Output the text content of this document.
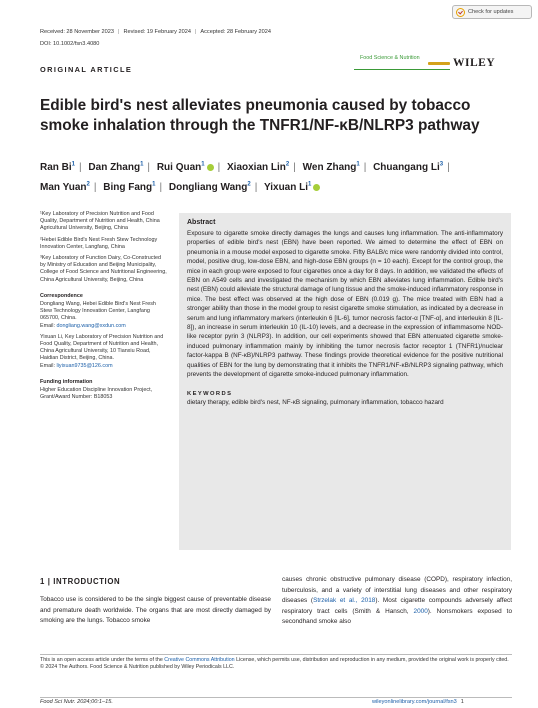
Check for updates
Received: 28 November 2023 | Revised: 19 February 2024 | Accepted: 28 February 2024
DOI: 10.1002/fsn3.4080
ORIGINAL ARTICLE
Food Science & Nutrition	WILEY
Edible bird's nest alleviates pneumonia caused by tobacco smoke inhalation through the TNFR1/NF-κB/NLRP3 pathway
Ran Bi$^1$ | Dan Zhang$^1$ | Rui Quan$^1$ | Xiaoxian Lin$^2$ | Wen Zhang$^1$ | Chuangang Li$^3$ |
Man Yuan$^2$ | Bing Fang$^1$ | Dongliang Wang$^2$ | Yixuan Li$^1$

¹Key Laboratory of Precision Nutrition and Food Quality, Department of Nutrition and Health, China Agricultural University, Beijing, China

²Hebei Edible Bird's Nest Fresh Stew Technology Innovation Center, Langfang, China

³Key Laboratory of Function Dairy, Co-Constructed by Ministry of Education and Beijing Municipality, College of Food Science and Nutritional Engineering, China Agricultural University, Beijing, China

Correspondence

Dongliang Wang, Hebei Edible Bird's Nest Fresh Stew Technology Innovation Center, Langfang 065700, China.
Email: dongliang.wang@xxdun.com

Yixuan Li, Key Laboratory of Precision Nutrition and Food Quality, Department of Nutrition and Health, China Agricultural University, 10 Tianxiu Road, Haidian District, Beijing, China.
Email: liyixuan9735@126.com

Funding information

Higher Education Discipline Innovation Project, Grant/Award Number: B18053

Abstract

Exposure to cigarette smoke directly damages the lungs and causes lung inflammation. The anti-inflammatory properties of edible bird's nest (EBN) have been reported. We aimed to determine the effect of EBN on pneumonia in a mouse model exposed to cigarette smoke. Fifty BALB/c mice were randomly divided into control, model, positive drug, low-dose EBN, and high-dose EBN groups (n = 10 each). Except for the control group, the mice in each group were exposed to four cigarettes once a day for 8 days. In addition, we validated the effects of EBN on A549 cells and investigated the mechanism by which EBN alleviates lung inflammation. Edible bird's nest (EBN) could alleviate the structural damage of lung tissue and the smoke-induced inflammatory response in mice. The best effect was observed at the high dose of EBN (0.019 g). The mice treated with EBN had a stronger ability than those in the model group to resist cigarette smoke stimulation, as indicated by a decrease in serum and lung inflammatory markers (interleukin 6 [IL-6], tumor necrosis factor-α [TNF-α], and interleukin 8 [IL-8]), an increase in serum interleukin 10 (IL-10) levels, and a decrease in the expression of inflammasome NOD-like receptor pyrin 3 (NLRP3). In addition, our cell experiments showed that EBN attenuated cigarette smoke-induced pulmonary inflammation mainly by inhibiting the tumor necrosis factor receptor 1 (TNFR1)/nuclear factor-kappa B (NF-κB)/NLRP3 pathway. These findings provide theoretical evidence for the positive nutritional qualities of EBN for the lung by demonstrating that it inhibits the TNFR1/NF-κB/NLRP3 signaling pathway, which prevents the development of cigarette smoke-induced pulmonary inflammation.

KEYWORDS
dietary therapy, edible bird's nest, NF-κB signaling, pulmonary inflammation, tobacco hazard
1 | INTRODUCTION

Tobacco use is considered to be the single biggest cause of preventable disease and premature death worldwide. The organs that are most directly damaged by smoking are the lungs. Tobacco smoke

causes chronic obstructive pulmonary disease (COPD), respiratory infection, tuberculosis, and a variety of interstitial lung diseases and other respiratory diseases (Strzelak et al., 2018). Most cigarette compounds adversely affect respiratory tract cells (Smith & Hansch, 2000). Nonsmokers exposed to secondhand smoke also

This is an open access article under the terms of the Creative Commons Attribution License, which permits use, distribution and reproduction in any medium, provided the original work is properly cited.
© 2024 The Authors. Food Science & Nutrition published by Wiley Periodicals LLC.
Food Sci Nutr. 2024;00:1–15.	wileyonlinelibrary.com/journal/fsn3 1
